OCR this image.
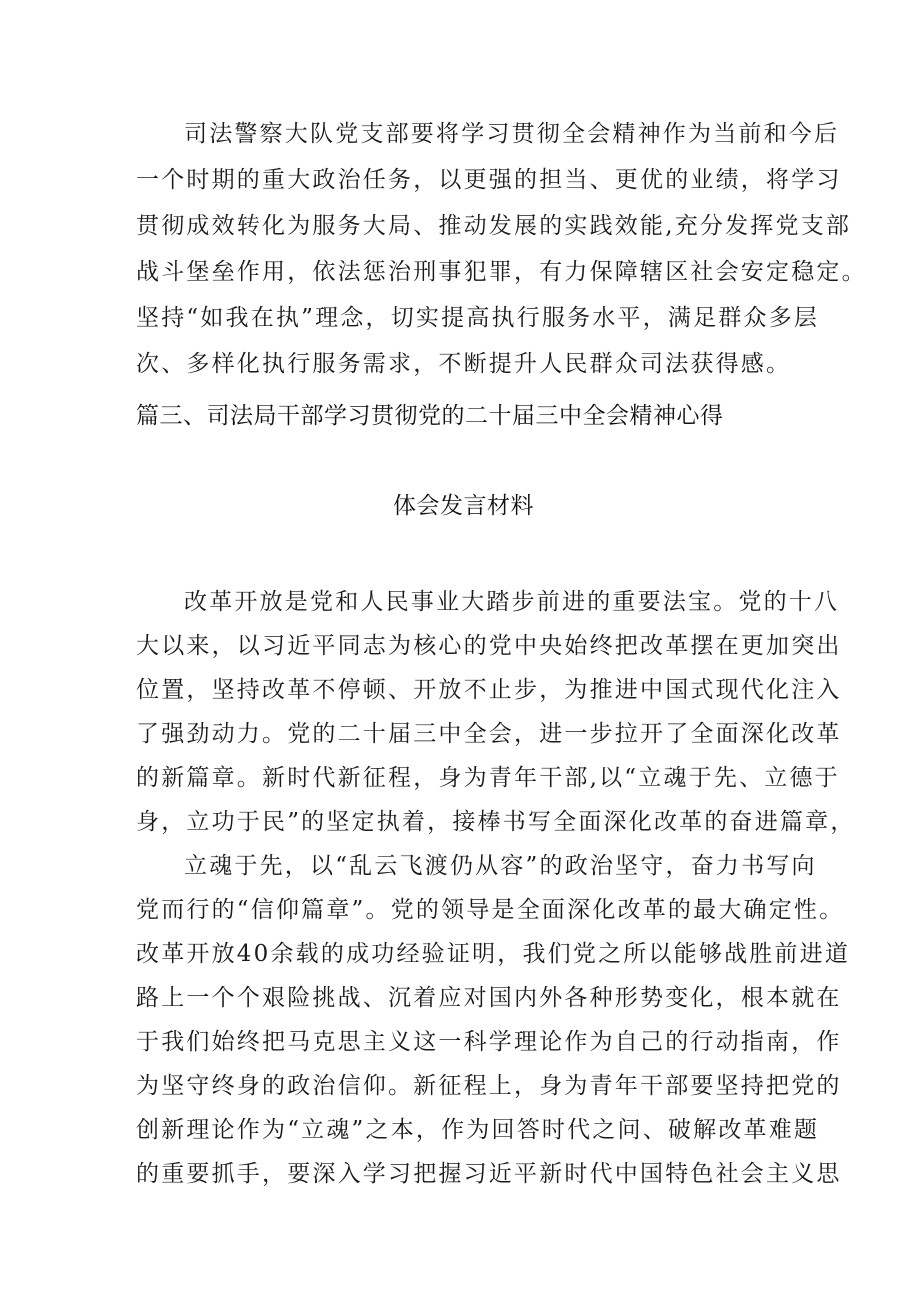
司法警察大队党支部要将学习贯彻全会精神作为当前和今后
一个时期的重大政治任务，以更强的担当、更优的业绩，将学习
贯彻成效转化为服务大局、推动发展的实践效能,充分发挥党支部
战斗堡垒作用，依法惩治刑事犯罪，有力保障辖区社会安定稳定。
坚持“如我在执”理念，切实提高执行服务水平，满足群众多层
次、多样化执行服务需求，不断提升人民群众司法获得感。
篇三、司法局干部学习贯彻党的二十届三中全会精神心得
体会发言材料
改革开放是党和人民事业大踏步前进的重要法宝。党的十八
大以来，以习近平同志为核心的党中央始终把改革摆在更加突出
位置，坚持改革不停顿、开放不止步，为推进中国式现代化注入
了强劲动力。党的二十届三中全会，进一步拉开了全面深化改革
的新篇章。新时代新征程，身为青年干部,以“立魂于先、立德于
身，立功于民”的坚定执着，接棒书写全面深化改革的奋进篇章，
立魂于先，以“乱云飞渡仍从容”的政治坚守，奋力书写向
党而行的“信仰篇章”。党的领导是全面深化改革的最大确定性。
改革开放40余载的成功经验证明，我们党之所以能够战胜前进道
路上一个个艰险挑战、沉着应对国内外各种形势变化，根本就在
于我们始终把马克思主义这一科学理论作为自己的行动指南，作
为坚守终身的政治信仰。新征程上，身为青年干部要坚持把党的
创新理论作为“立魂”之本，作为回答时代之问、破解改革难题
的重要抓手，要深入学习把握习近平新时代中国特色社会主义思
